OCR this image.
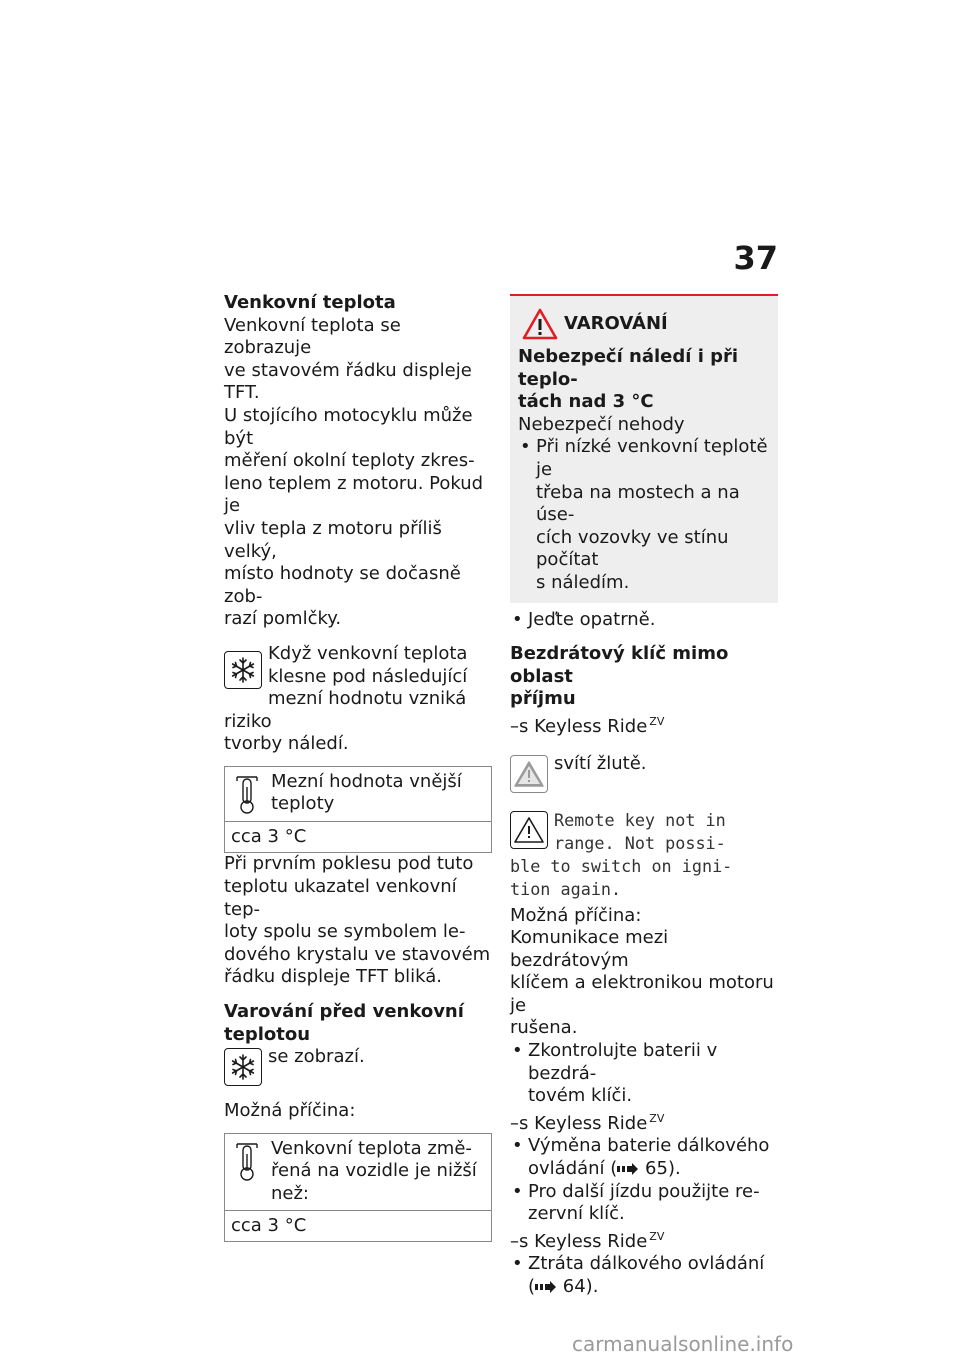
37

Venkovní teplota

Venkovní teplota se zobrazuje
ve stavovém řádku displeje
TFT.

U stojícího motocyklu může být
měření okolní teploty zkres-
leno teplem z motoru. Pokud je
vliv tepla z motoru příliš velký,
místo hodnoty se dočasně zob-
razí pomlčky.

Když venkovní teplota
klesne pod následující
mezní hodnotu vzniká riziko
tvorby náledí.
Mezní hodnota vnější
teploty
cca 3 °C

Při prvním poklesu pod tuto
teplotu ukazatel venkovní tep-
loty spolu se symbolem le-
dového krystalu ve stavovém
řádku displeje TFT bliká.

Varování před venkovní
teplotou

se zobrazí.

Možná příčina:

Venkovní teplota změ-
řená na vozidle je nižší
než:
cca 3 °C
VAROVÁNÍ

Nebezpečí náledí i při teplo-
tách nad 3 °C

Nebezpečí nehody

• Při nízké venkovní teplotě je
třeba na mostech a na úse-
cích vozovky ve stínu počítat
s náledím.
• Jeďte opatrně.

Bezdrátový klíč mimo oblast
příjmu

–s Keyless Ride $^{ZV}$

svítí žlutě.
Remote key not in
range. Not possi-
ble to switch on igni-
tion again.

Možná příčina:

Komunikace mezi bezdrátovým
klíčem a elektronikou motoru je
rušena.

• Zkontrolujte baterii v bezdrá-
tovém klíči.

–s Keyless Ride $^{ZV}$

• Výměna baterie dálkového
ovládání ( 65).
• Pro další jízdu použijte re-
zervní klíč.

–s Keyless Ride $^{ZV}$

• Ztráta dálkového ovládání
( 64).
carmanualsonline.info
